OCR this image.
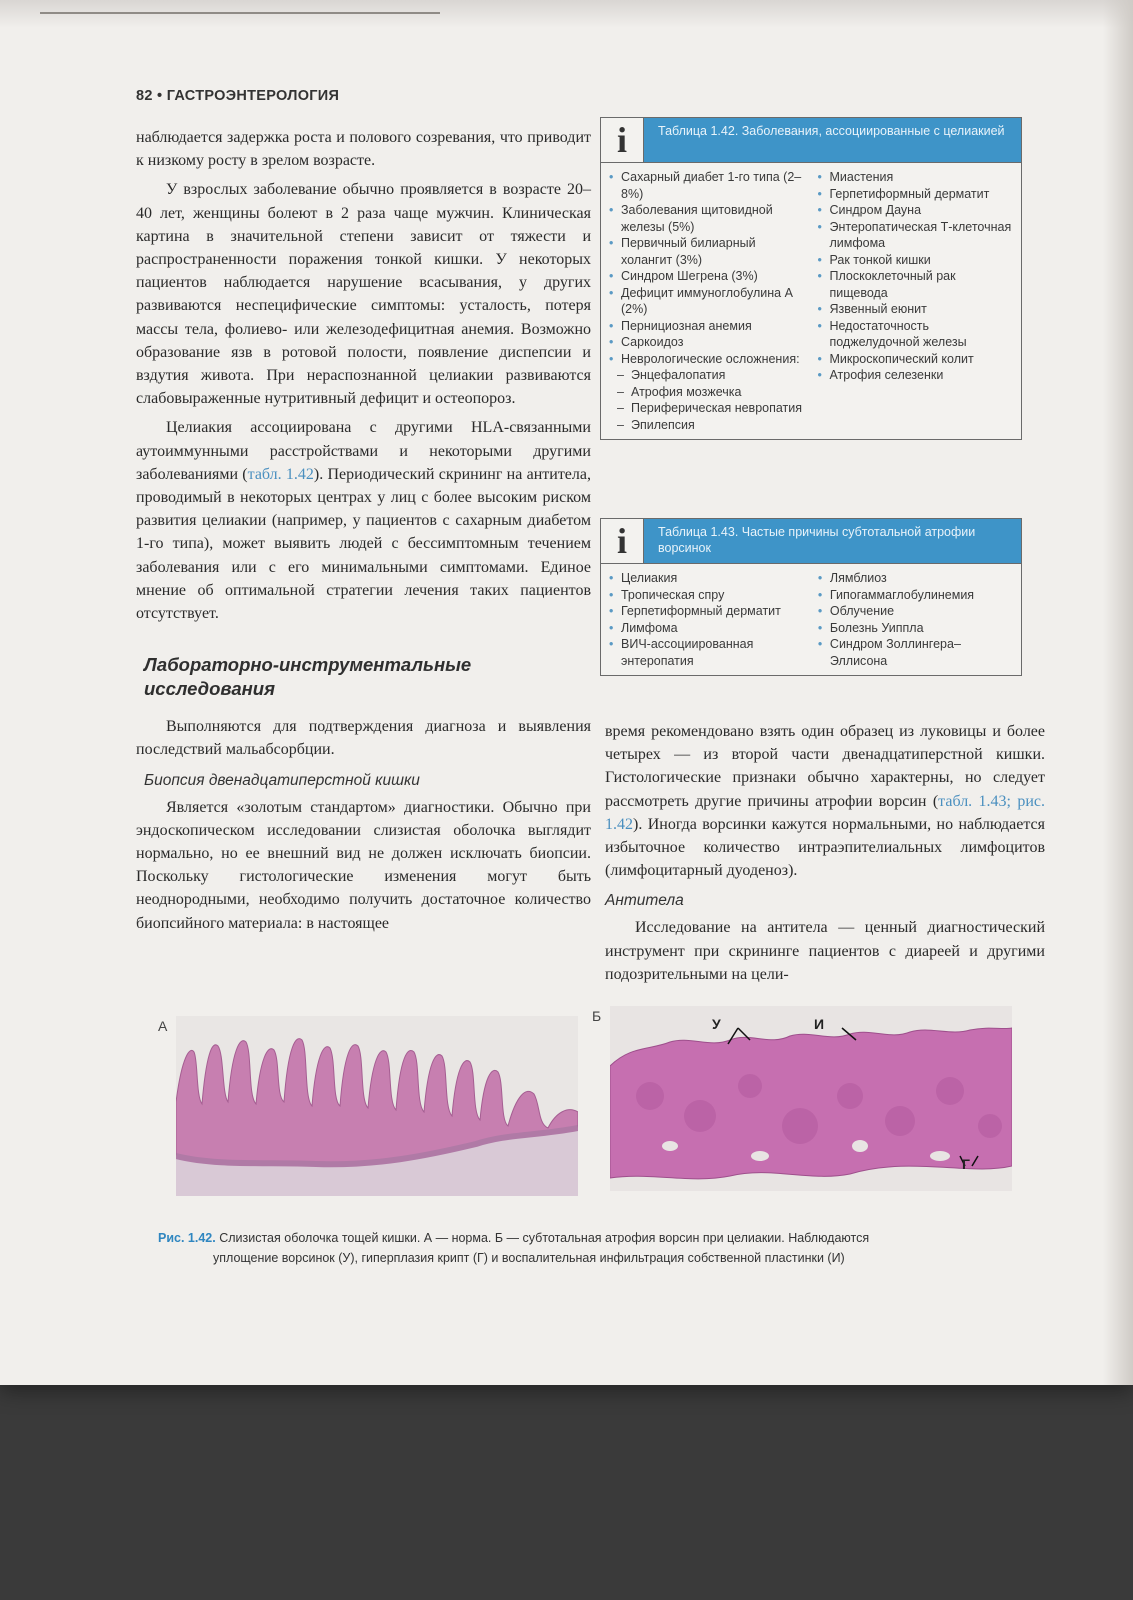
82 • ГАСТРОЭНТЕРОЛОГИЯ

наблюдается задержка роста и полового созревания, что приводит к низкому росту в зрелом возрасте.

У взрослых заболевание обычно проявляется в возрасте 20–40 лет, женщины болеют в 2 раза чаще мужчин. Клиническая картина в значительной степени зависит от тяжести и распространенности поражения тонкой кишки. У некоторых пациентов наблюдается нарушение всасывания, у других развиваются неспецифические симптомы: усталость, потеря массы тела, фолиево- или железодефицитная анемия. Возможно образование язв в ротовой полости, появление диспепсии и вздутия живота. При нераспознанной целиакии развиваются слабовыраженные нутритивный дефицит и остеопороз.

Целиакия ассоциирована с другими HLA-связанными аутоиммунными расстройствами и некоторыми другими заболеваниями (табл. 1.42). Периодический скрининг на антитела, проводимый в некоторых центрах у лиц с более высоким риском развития целиакии (например, у пациентов с сахарным диабетом 1-го типа), может выявить людей с бессимптомным течением заболевания или с его минимальными симптомами. Единое мнение об оптимальной стратегии лечения таких пациентов отсутствует.

Лабораторно-инструментальные исследования

Выполняются для подтверждения диагноза и выявления последствий мальабсорбции.

Биопсия двенадцатиперстной кишки

Является «золотым стандартом» диагностики. Обычно при эндоскопическом исследовании слизистая оболочка выглядит нормально, но ее внешний вид не должен исключать биопсии. Поскольку гистологические изменения могут быть неоднородными, необходимо получить достаточное количество биопсийного материала: в настоящее

i	Таблица 1.42. Заболевания, ассоциированные с целиакией
• Сахарный диабет 1-го типа (2–8%)
• Заболевания щитовидной железы (5%)
• Первичный билиарный холангит (3%)
• Синдром Шегрена (3%)
• Дефицит иммуноглобулина А (2%)
• Пернициозная анемия
• Саркоидоз
• Неврологические осложнения:
– Энцефалопатия
– Атрофия мозжечка
– Периферическая невропатия
– Эпилепсия
• Миастения
• Герпетиформный дерматит
• Синдром Дауна
• Энтеропатическая Т-клеточная лимфома
• Рак тонкой кишки
• Плоскоклеточный рак пищевода
• Язвенный еюнит
• Недостаточность поджелудочной железы
• Микроскопический колит
• Атрофия селезенки
i	Таблица 1.43. Частые причины субтотальной атрофии ворсинок
• Целиакия
• Тропическая спру
• Герпетиформный дерматит
• Лимфома
• ВИЧ-ассоциированная энтеропатия
• Лямблиоз
• Гипогаммаглобулинемия
• Облучение
• Болезнь Уиппла
• Синдром Золлингера–Эллисона

время рекомендовано взять один образец из луковицы и более четырех — из второй части двенадцатиперстной кишки. Гистологические признаки обычно характерны, но следует рассмотреть другие причины атрофии ворсин (табл. 1.43; рис. 1.42). Иногда ворсинки кажутся нормальными, но наблюдается избыточное количество интраэпителиальных лимфоцитов (лимфоцитарный дуоденоз).

Антитела

Исследование на антитела — ценный диагностический инструмент при скрининге пациентов с диареей и другими подозрительными на цели-

А
Б	У	И
Г
Рис. 1.42. Слизистая оболочка тощей кишки. А — норма. Б — субтотальная атрофия ворсин при целиакии. Наблюдаются
уплощение ворсинок (У), гиперплазия крипт (Г) и воспалительная инфильтрация собственной пластинки (И)
